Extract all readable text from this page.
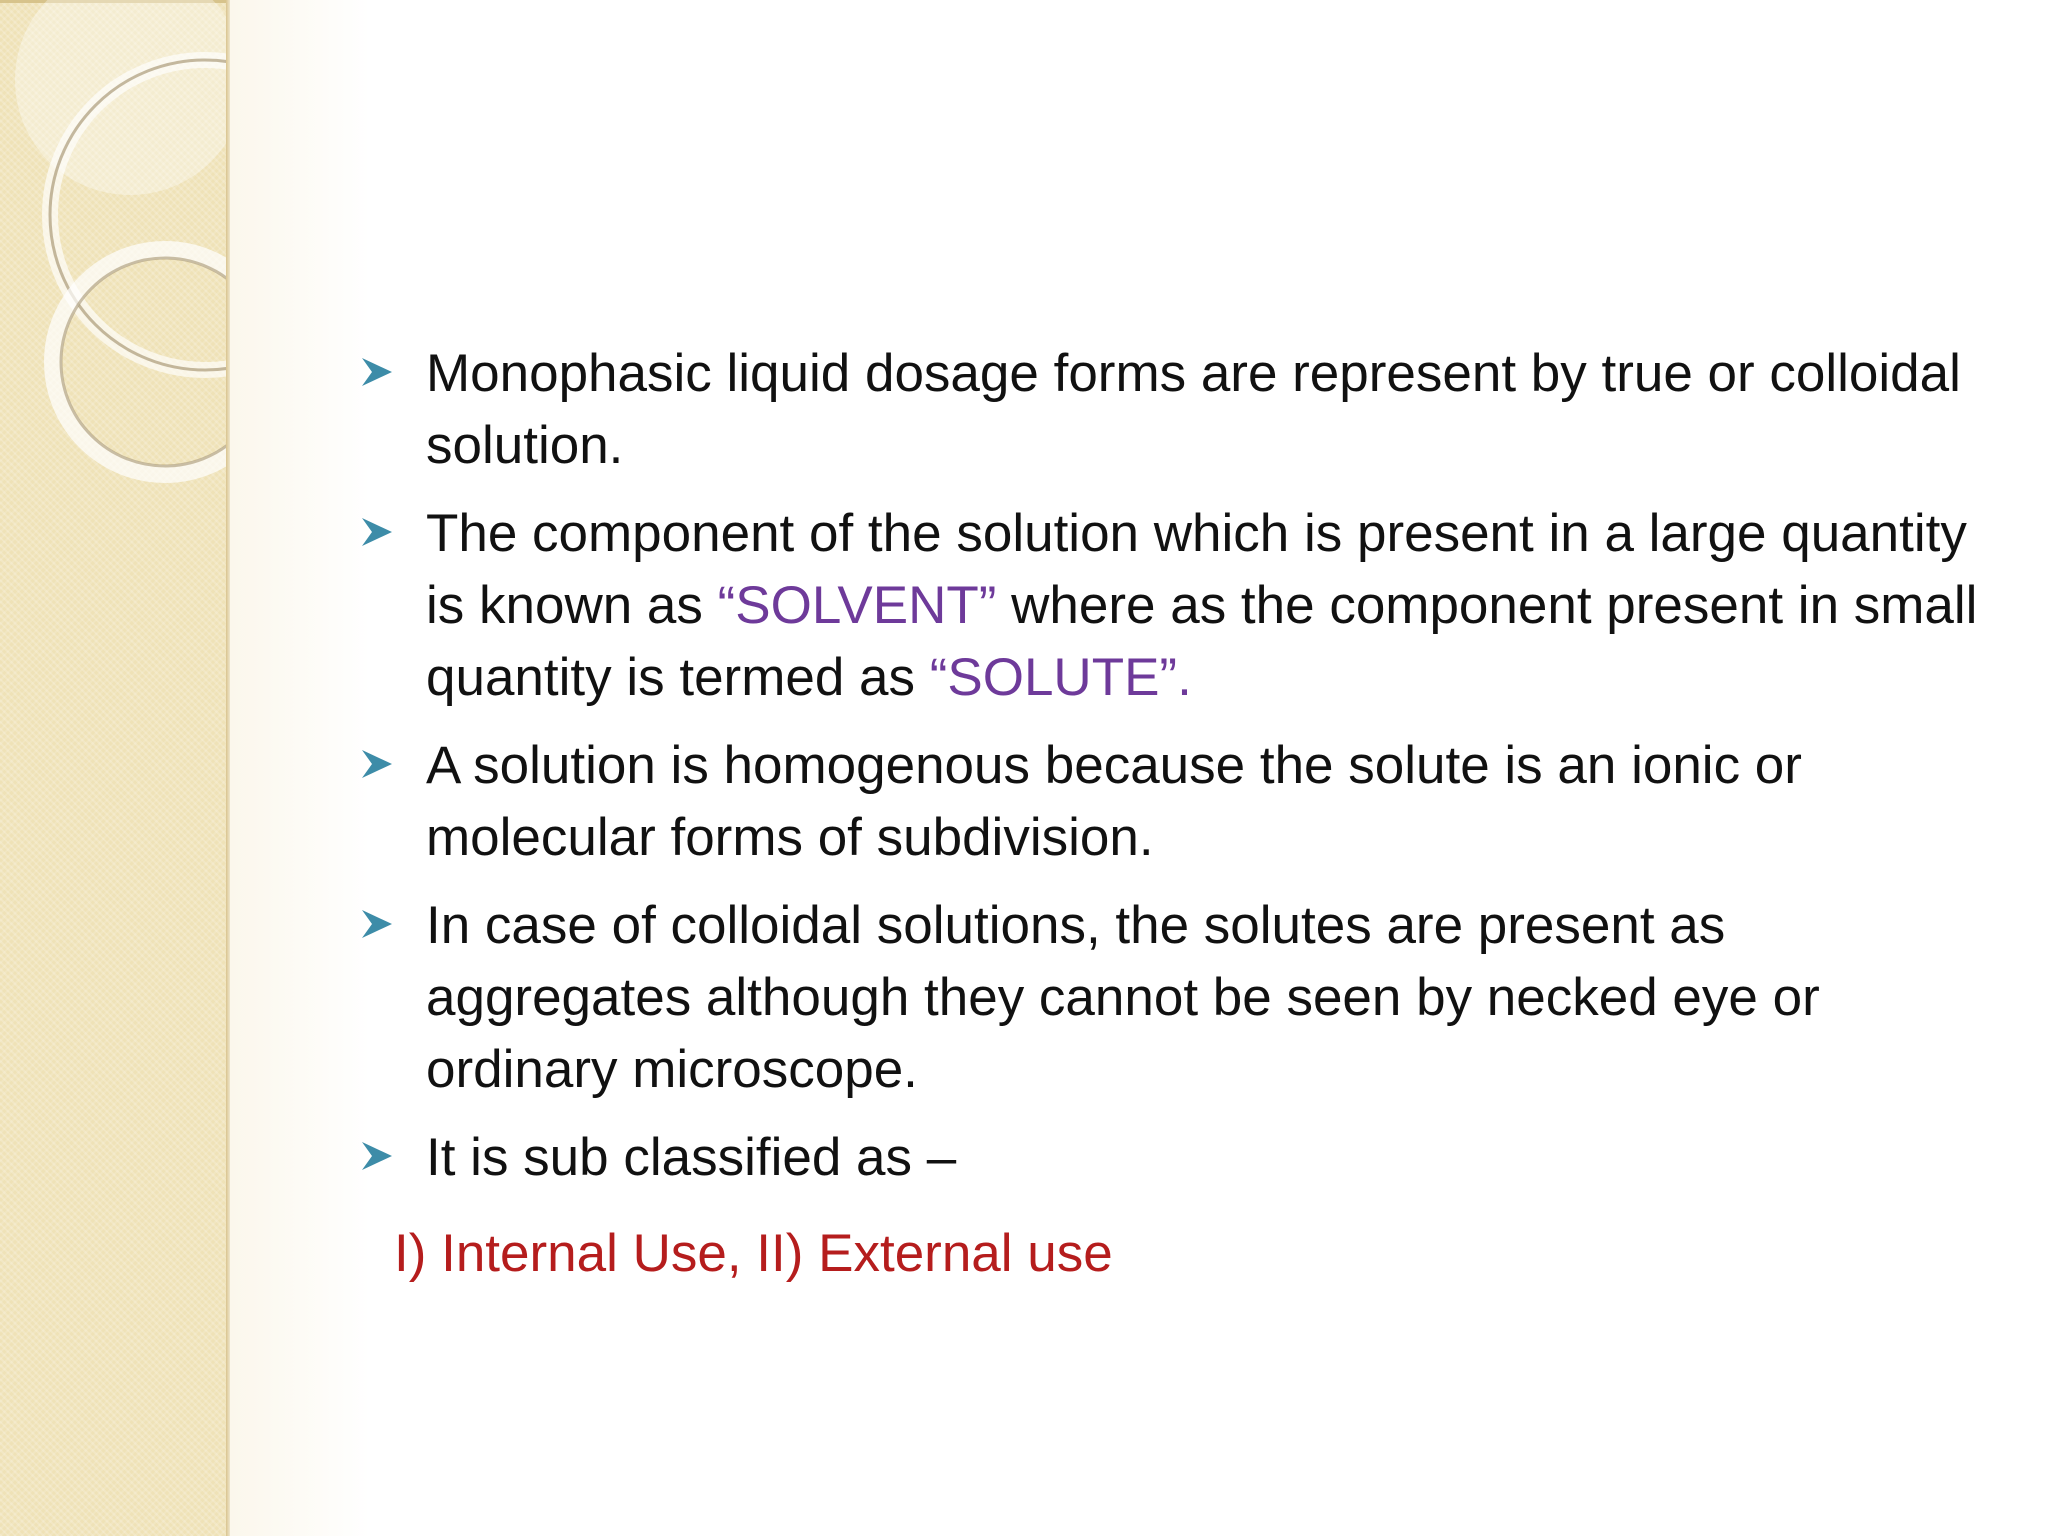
Monophasic liquid dosage forms are represent by true or colloidal solution.
The component of the solution which is present in a large quantity is known as “SOLVENT” where as the component present in small quantity is termed as “SOLUTE”.
A solution is homogenous because the solute is an ionic or molecular forms of subdivision.
In case of colloidal solutions, the solutes are present as aggregates although they cannot be seen by necked eye or ordinary microscope.
It is sub classified as –
I) Internal Use, II) External use
